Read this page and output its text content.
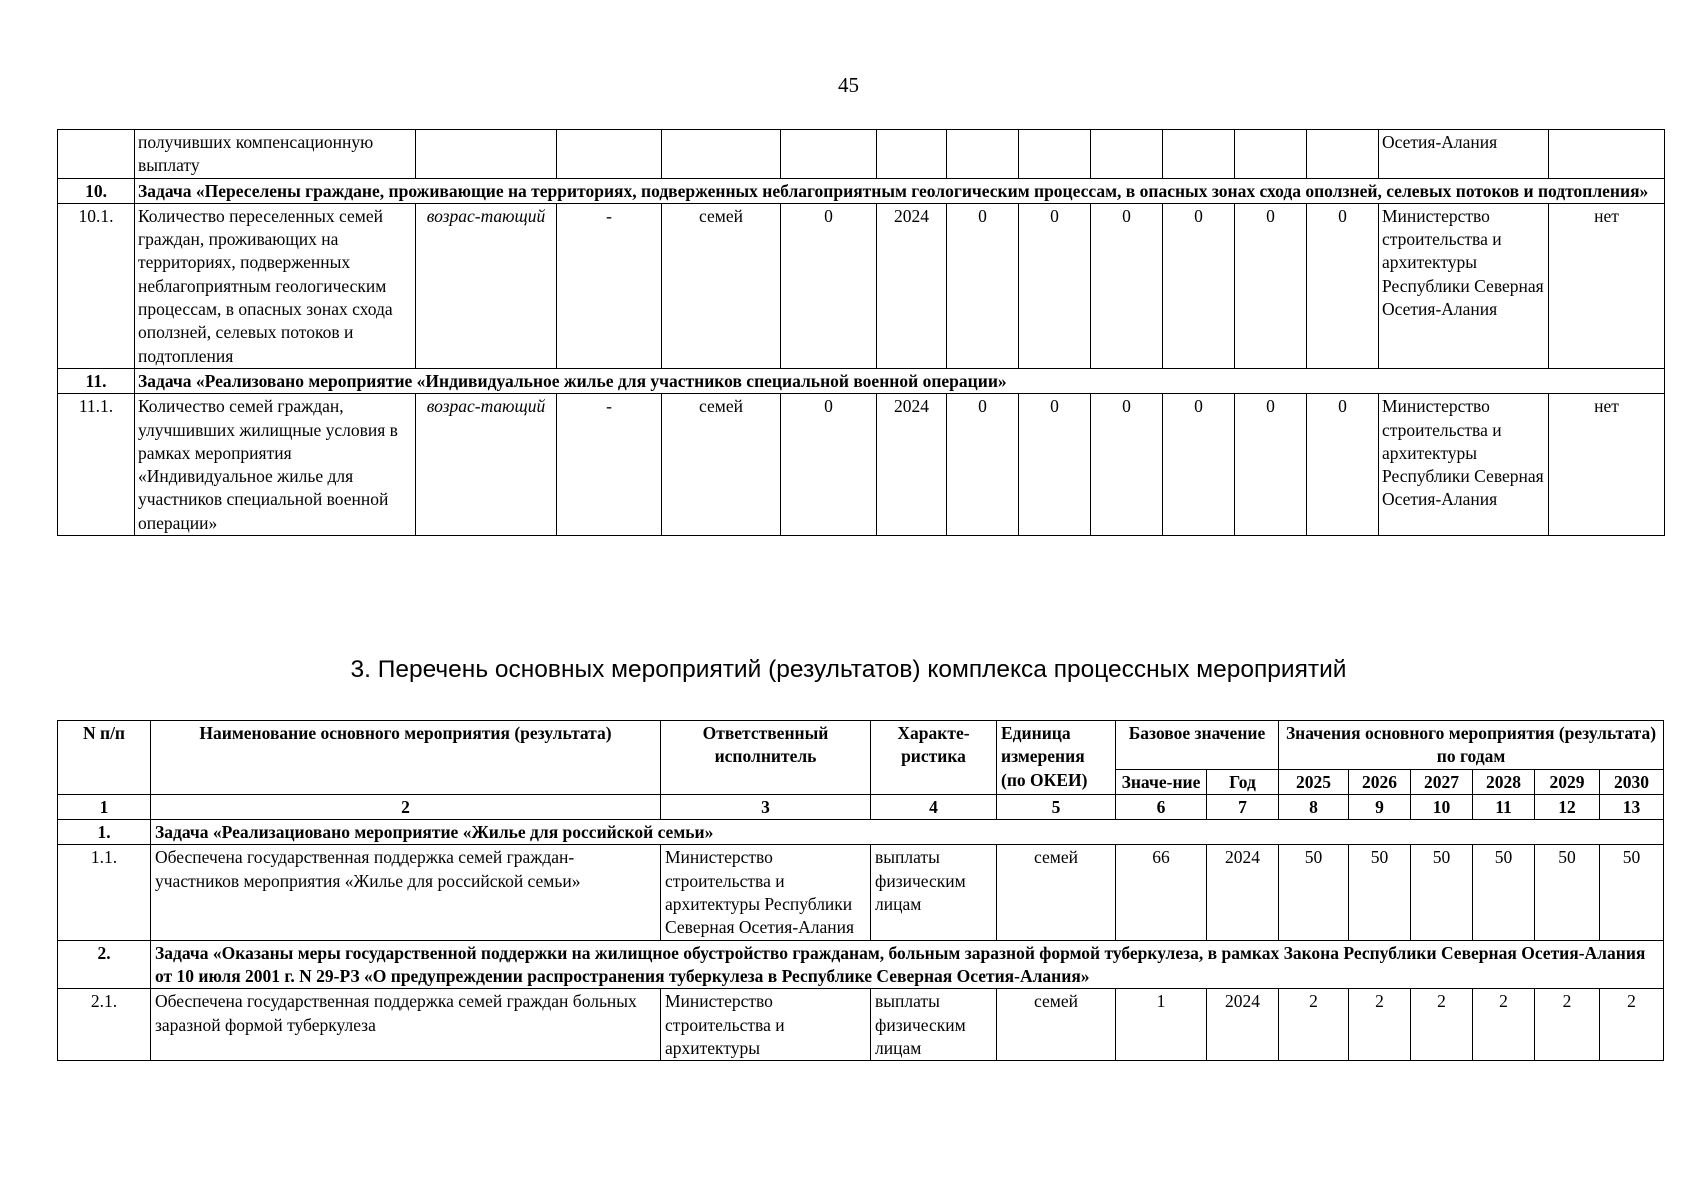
45
	получивших компенсационную выплату												Осетия-Алания	
10.	Задача «Переселены граждане, проживающие на территориях, подверженных неблагоприятным геологическим процессам, в опасных зонах схода оползней, селевых потоков и подтопления»													
10.1.	Количество переселенных семей граждан, проживающих на территориях, подверженных неблагоприятным геологическим процессам, в опасных зонах схода оползней, селевых потоков и подтопления	возрас-тающий	-	семей	0	2024	0	0	0	0	0	0	Министерство строительства и архитектуры Республики Северная Осетия-Алания	нет
11.	Задача «Реализовано мероприятие «Индивидуальное жилье для участников специальной военной операции»													
11.1.	Количество семей граждан, улучшивших жилищные условия в рамках мероприятия «Индивидуальное жилье для участников специальной военной операции»	возрас-тающий	-	семей	0	2024	0	0	0	0	0	0	Министерство строительства и архитектуры Республики Северная Осетия-Алания	нет
3. Перечень основных мероприятий (результатов) комплекса процессных мероприятий
N п/п	Наименование основного мероприятия (результата)	Ответственный исполнитель	Характе-ристика	Единица измерения (по ОКЕИ)	Базовое значение		Значения основного мероприятия (результата) по годам					
					Значе-ние	Год	2025	2026	2027	2028	2029	2030
1	2	3	4	5	6	7	8	9	10	11	12	13
1.	Задача «Реализациовано мероприятие «Жилье для российской семьи»											
1.1.	Обеспечена государственная поддержка семей граждан-участников мероприятия «Жилье для российской семьи»	Министерство строительства и архитектуры Республики Северная Осетия-Алания	выплаты физическим лицам	семей	66	2024	50	50	50	50	50	50
2.	Задача «Оказаны меры государственной поддержки на жилищное обустройство гражданам, больным заразной формой туберкулеза, в рамках Закона Республики Северная Осетия-Алания от 10 июля 2001 г. N 29-РЗ «О предупреждении распространения туберкулеза в Республике Северная Осетия-Алания»											
2.1.	Обеспечена государственная поддержка семей граждан больных заразной формой туберкулеза	Министерство строительства и архитектуры	выплаты физическим лицам	семей	1	2024	2	2	2	2	2	2
